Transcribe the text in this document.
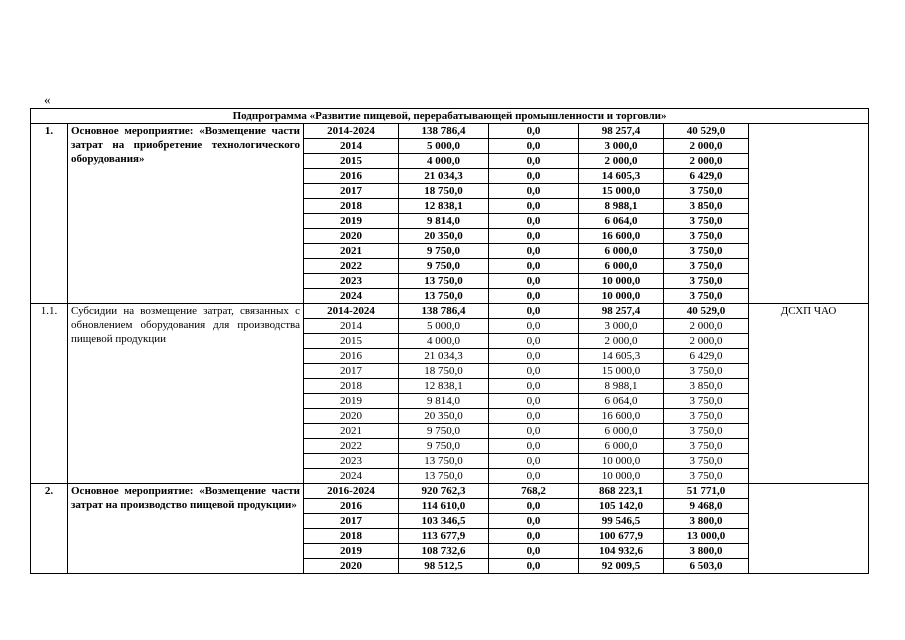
«
Подпрограмма «Развитие пищевой, перерабатывающей промышленности и торговли»							
1.	Основное мероприятие: «Возмещение части затрат на приобретение технологического оборудования»	2014-2024	138 786,4	0,0	98 257,4	40 529,0	
		2014	5 000,0	0,0	3 000,0	2 000,0	
		2015	4 000,0	0,0	2 000,0	2 000,0	
		2016	21 034,3	0,0	14 605,3	6 429,0	
		2017	18 750,0	0,0	15 000,0	3 750,0	
		2018	12 838,1	0,0	8 988,1	3 850,0	
		2019	9 814,0	0,0	6 064,0	3 750,0	
		2020	20 350,0	0,0	16 600,0	3 750,0	
		2021	9 750,0	0,0	6 000,0	3 750,0	
		2022	9 750,0	0,0	6 000,0	3 750,0	
		2023	13 750,0	0,0	10 000,0	3 750,0	
		2024	13 750,0	0,0	10 000,0	3 750,0	
1.1.	Субсидии на возмещение затрат, связанных с обновлением оборудования для производства пищевой продукции	2014-2024	138 786,4	0,0	98 257,4	40 529,0	ДСХП ЧАО
		2014	5 000,0	0,0	3 000,0	2 000,0	
		2015	4 000,0	0,0	2 000,0	2 000,0	
		2016	21 034,3	0,0	14 605,3	6 429,0	
		2017	18 750,0	0,0	15 000,0	3 750,0	
		2018	12 838,1	0,0	8 988,1	3 850,0	
		2019	9 814,0	0,0	6 064,0	3 750,0	
		2020	20 350,0	0,0	16 600,0	3 750,0	
		2021	9 750,0	0,0	6 000,0	3 750,0	
		2022	9 750,0	0,0	6 000,0	3 750,0	
		2023	13 750,0	0,0	10 000,0	3 750,0	
		2024	13 750,0	0,0	10 000,0	3 750,0	
2.	Основное мероприятие: «Возмещение части затрат на производство пищевой продукции»	2016-2024	920 762,3	768,2	868 223,1	51 771,0	
		2016	114 610,0	0,0	105 142,0	9 468,0	
		2017	103 346,5	0,0	99 546,5	3 800,0	
		2018	113 677,9	0,0	100 677,9	13 000,0	
		2019	108 732,6	0,0	104 932,6	3 800,0	
		2020	98 512,5	0,0	92 009,5	6 503,0	
